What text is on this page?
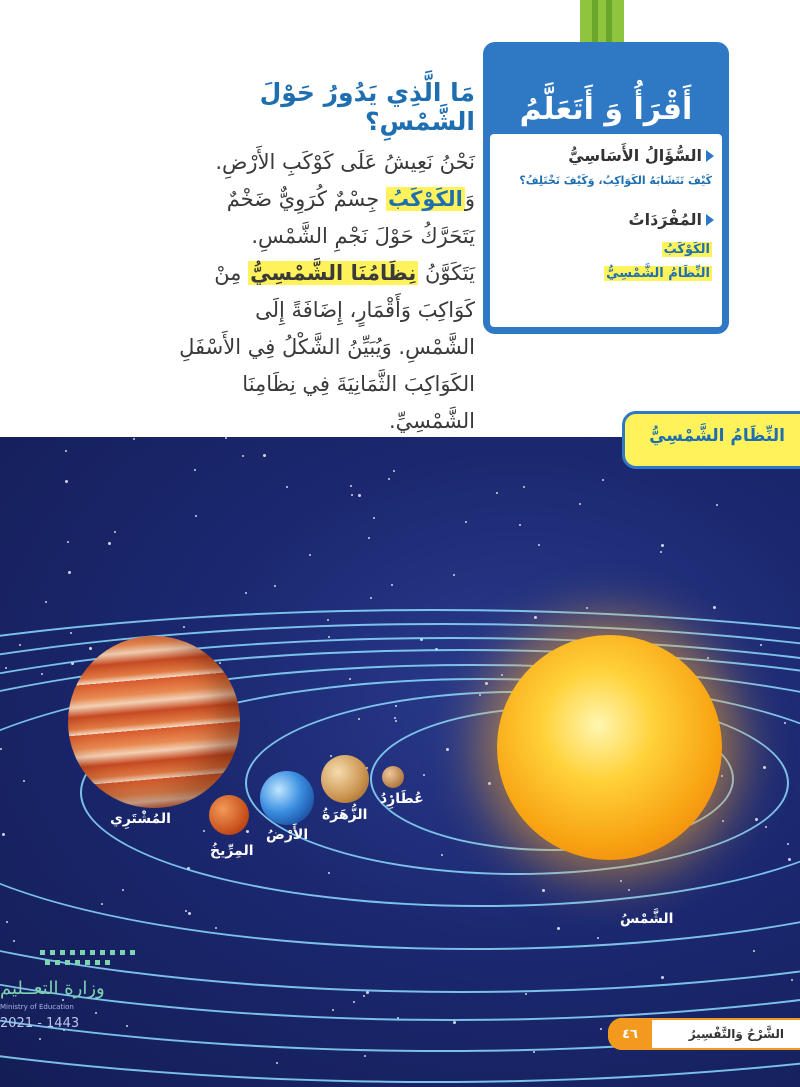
مَا الَّذِي يَدُورُ حَوْلَ الشَّمْسِ؟

نَحْنُ نَعِيشُ عَلَى كَوْكَبِ الأَرْضِ. وَالكَوْكَبُ جِسْمٌ كُرَوِيٌّ ضَخْمٌ يَتَحَرَّكُ حَوْلَ نَجْمِ الشَّمْسِ.

يَتَكَوَّنُ نِظَامُنَا الشَّمْسِيُّ مِنْ كَوَاكِبَ وَأَقْمَارٍ، إِضَافَةً إِلَى الشَّمْسِ. وَيُبَيِّنُ الشَّكْلُ فِي الأَسْفَلِ الكَوَاكِبَ الثَّمَانِيَةَ فِي نِظَامِنَا الشَّمْسِيِّ.

أَقْرَأُ وَ أَتَعَلَّمُ
السُّؤَالُ الأَسَاسِيُّ
كَيْفَ تَتَشَابَهُ الكَوَاكِبُ، وَكَيْفَ تَخْتَلِفُ؟
المُفْرَدَاتُ
الكَوْكَبُ
النِّظَامُ الشَّمْسِيُّ
النِّظَامُ الشَّمْسِيُّ
المُشْتَرِي
المِرِّيخُ
الأَرْضُ
الزُّهَرَةُ
عُطَارِدُ
الشَّمْسُ
وزارة التعــليم
Ministry of Education
2021 - 1443
الشَّرْحُ وَالتَّفْسِيرُ
٤٦
